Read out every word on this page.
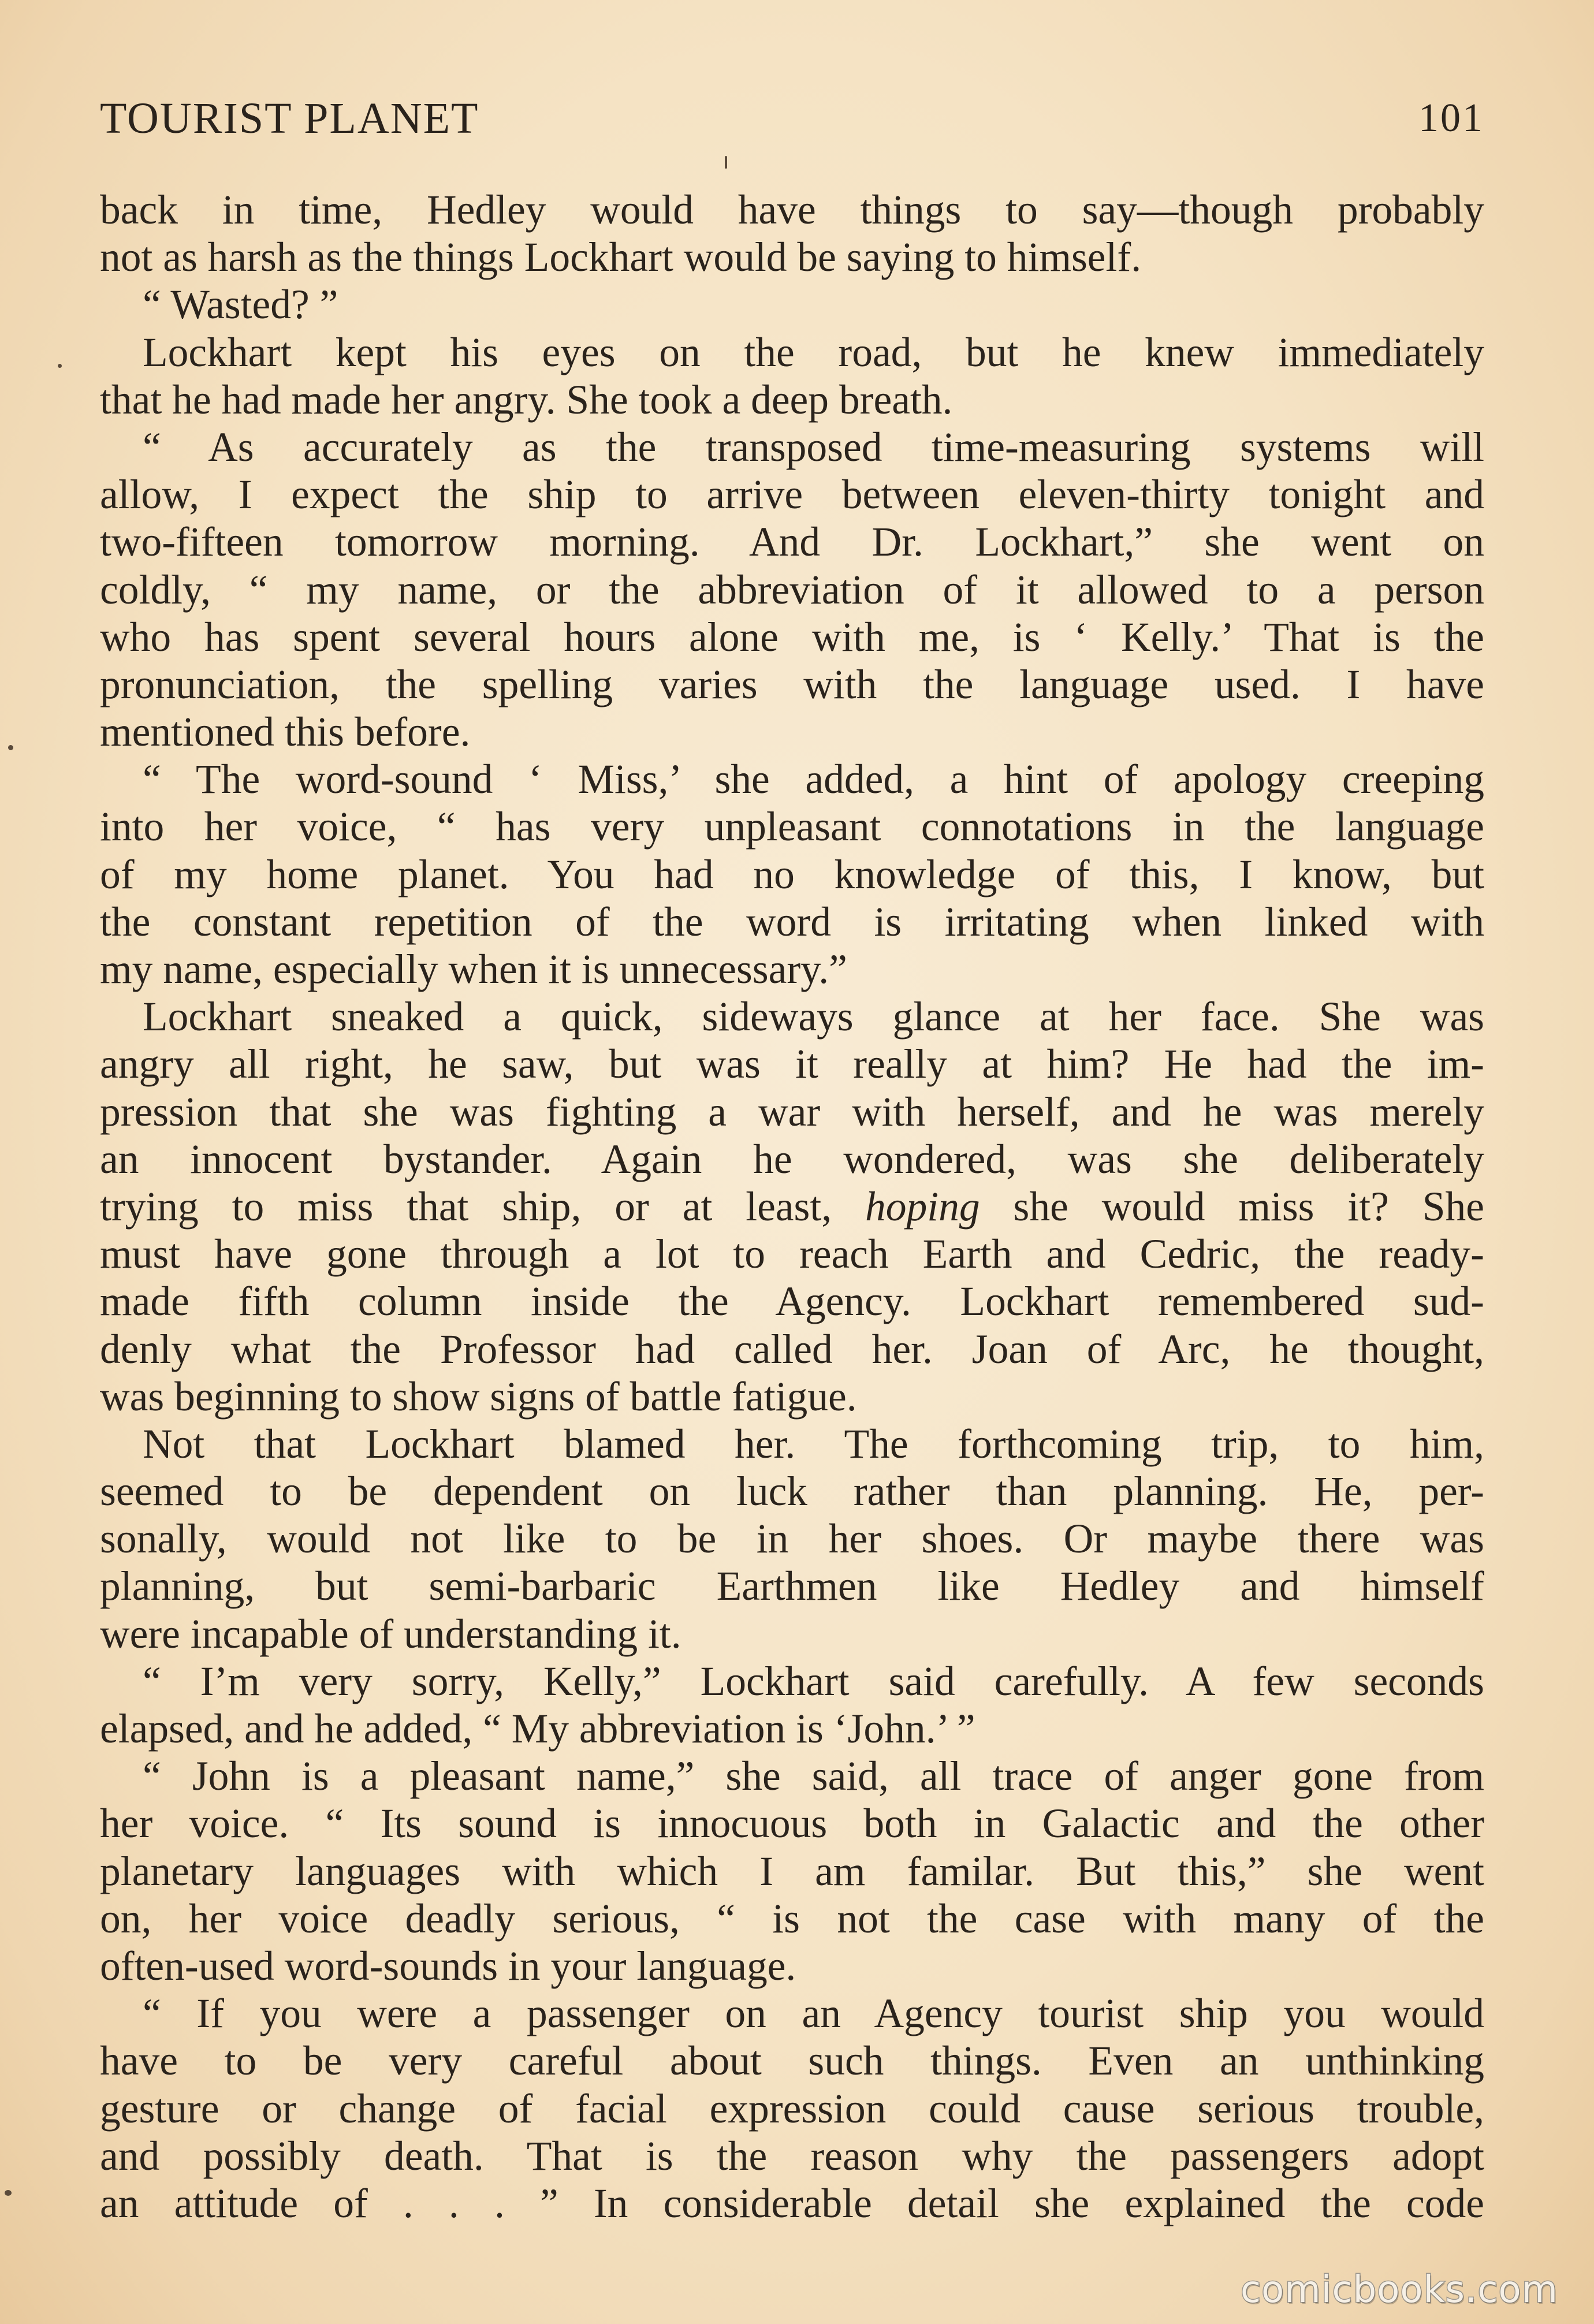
TOURIST PLANET	101

back in time, Hedley would have things to say—though probably
not as harsh as the things Lockhart would be saying to himself.

“ Wasted? ”

Lockhart kept his eyes on the road, but he knew immediately
that he had made her angry. She took a deep breath.

“ As accurately as the transposed time-measuring systems will
allow, I expect the ship to arrive between eleven-thirty tonight and
two-fifteen tomorrow morning. And Dr. Lockhart,” she went on
coldly, “ my name, or the abbreviation of it allowed to a person
who has spent several hours alone with me, is ‘ Kelly.’ That is the
pronunciation, the spelling varies with the language used. I have
mentioned this before.

“ The word-sound ‘ Miss,’ she added, a hint of apology creeping
into her voice, “ has very unpleasant connotations in the language
of my home planet. You had no knowledge of this, I know, but
the constant repetition of the word is irritating when linked with
my name, especially when it is unnecessary.”

Lockhart sneaked a quick, sideways glance at her face. She was
angry all right, he saw, but was it really at him? He had the im-
pression that she was fighting a war with herself, and he was merely
an innocent bystander. Again he wondered, was she deliberately
trying to miss that ship, or at least, hoping she would miss it? She
must have gone through a lot to reach Earth and Cedric, the ready-
made fifth column inside the Agency. Lockhart remembered sud-
denly what the Professor had called her. Joan of Arc, he thought,
was beginning to show signs of battle fatigue.

Not that Lockhart blamed her. The forthcoming trip, to him,
seemed to be dependent on luck rather than planning. He, per-
sonally, would not like to be in her shoes. Or maybe there was
planning, but semi-barbaric Earthmen like Hedley and himself
were incapable of understanding it.

“ I’m very sorry, Kelly,” Lockhart said carefully. A few seconds
elapsed, and he added, “ My abbreviation is ‘John.’ ”

“ John is a pleasant name,” she said, all trace of anger gone from
her voice. “ Its sound is innocuous both in Galactic and the other
planetary languages with which I am familar. But this,” she went
on, her voice deadly serious, “ is not the case with many of the
often-used word-sounds in your language.

“ If you were a passenger on an Agency tourist ship you would
have to be very careful about such things. Even an unthinking
gesture or change of facial expression could cause serious trouble,
and possibly death. That is the reason why the passengers adopt
an attitude of . . . ” In considerable detail she explained the code

comicbooks.com
